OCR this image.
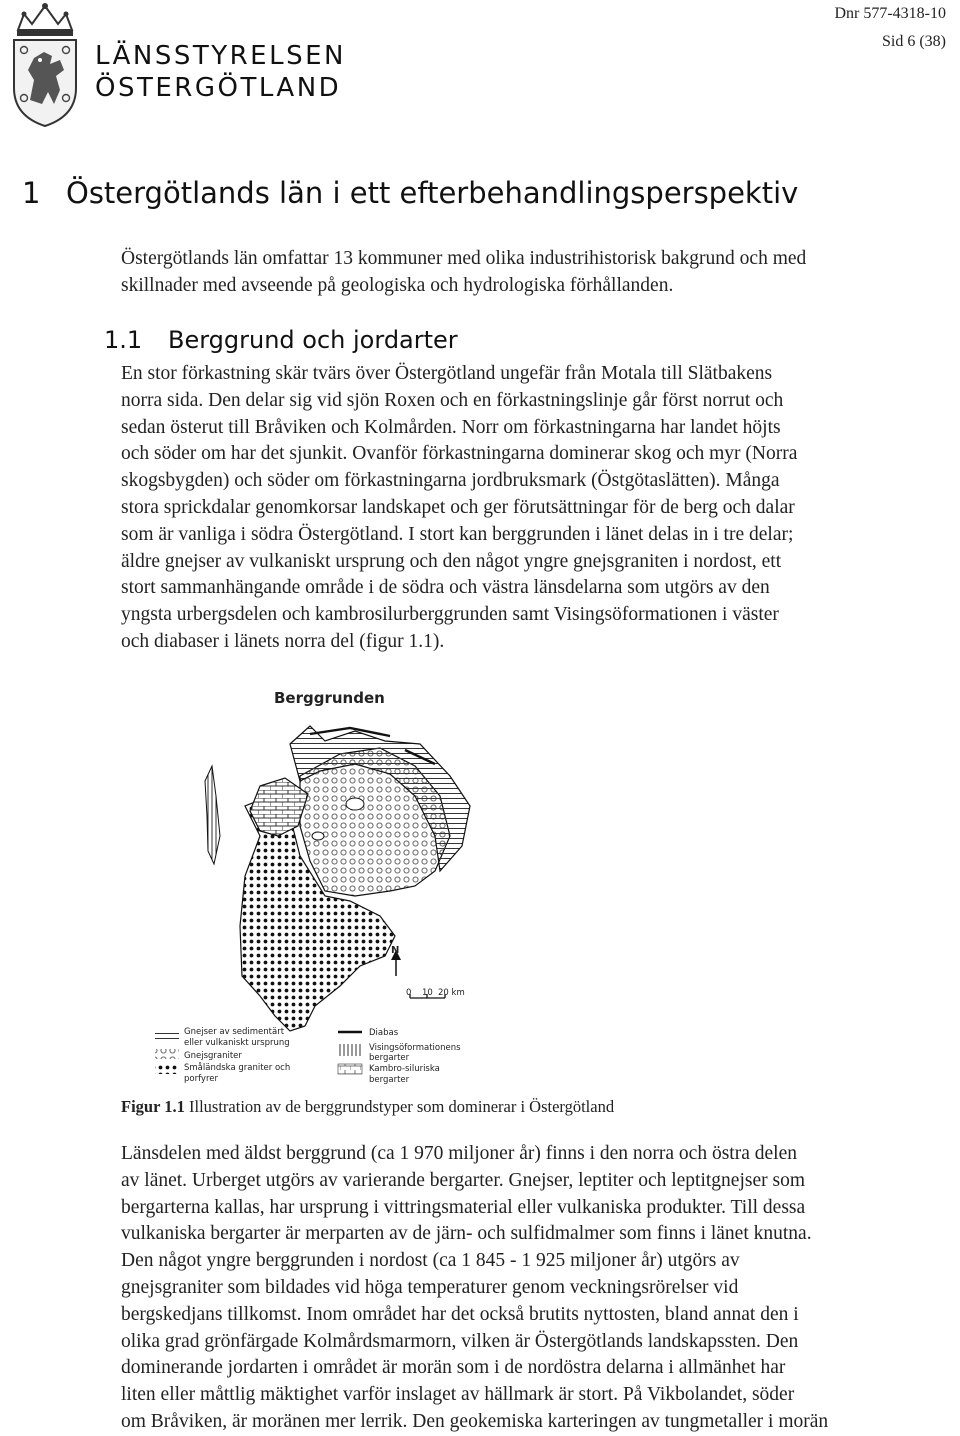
LÄNSSTYRELSEN
ÖSTERGÖTLAND
Dnr 577-4318-10
Sid 6 (38)
1 Östergötlands län i ett efterbehandlingsperspektiv
Östergötlands län omfattar 13 kommuner med olika industrihistorisk bakgrund och med
skillnader med avseende på geologiska och hydrologiska förhållanden.
1.1 Berggrund och jordarter
En stor förkastning skär tvärs över Östergötland ungefär från Motala till Slätbakens
norra sida. Den delar sig vid sjön Roxen och en förkastningslinje går först norrut och
sedan österut till Bråviken och Kolmården. Norr om förkastningarna har landet höjts
och söder om har det sjunkit. Ovanför förkastningarna dominerar skog och myr (Norra
skogsbygden) och söder om förkastningarna jordbruksmark (Östgötaslätten). Många
stora sprickdalar genomkorsar landskapet och ger förutsättningar för de berg och dalar
som är vanliga i södra Östergötland. I stort kan berggrunden i länet delas in i tre delar;
äldre gnejser av vulkaniskt ursprung och den något yngre gnejsgraniten i nordost, ett
stort sammanhängande område i de södra och västra länsdelarna som utgörs av den
yngsta urbergsdelen och kambrosilurberggrunden samt Visingsöformationen i väster
och diabaser i länets norra del (figur 1.1).
Berggrunden
N
0 10 20 km
Gnejser av sedimentärt
eller vulkaniskt ursprung
Gnejsgraniter
Småländska graniter och
porfyrer
Diabas
Visingsöformationens
bergarter
Kambro-siluriska
bergarter
Figur 1.1 Illustration av de berggrundstyper som dominerar i Östergötland
Länsdelen med äldst berggrund (ca 1 970 miljoner år) finns i den norra och östra delen
av länet. Urberget utgörs av varierande bergarter. Gnejser, leptiter och leptitgnejser som
bergarterna kallas, har ursprung i vittringsmaterial eller vulkaniska produkter. Till dessa
vulkaniska bergarter är merparten av de järn- och sulfidmalmer som finns i länet knutna.
Den något yngre berggrunden i nordost (ca 1 845 - 1 925 miljoner år) utgörs av
gnejsgraniter som bildades vid höga temperaturer genom veckningsrörelser vid
bergskedjans tillkomst. Inom området har det också brutits nyttosten, bland annat den i
olika grad grönfärgade Kolmårdsmarmorn, vilken är Östergötlands landskapssten. Den
dominerande jordarten i området är morän som i de nordöstra delarna i allmänhet har
liten eller måttlig mäktighet varför inslaget av hällmark är stort. På Vikbolandet, söder
om Bråviken, är moränen mer lerrik. Den geokemiska karteringen av tungmetaller i morän
